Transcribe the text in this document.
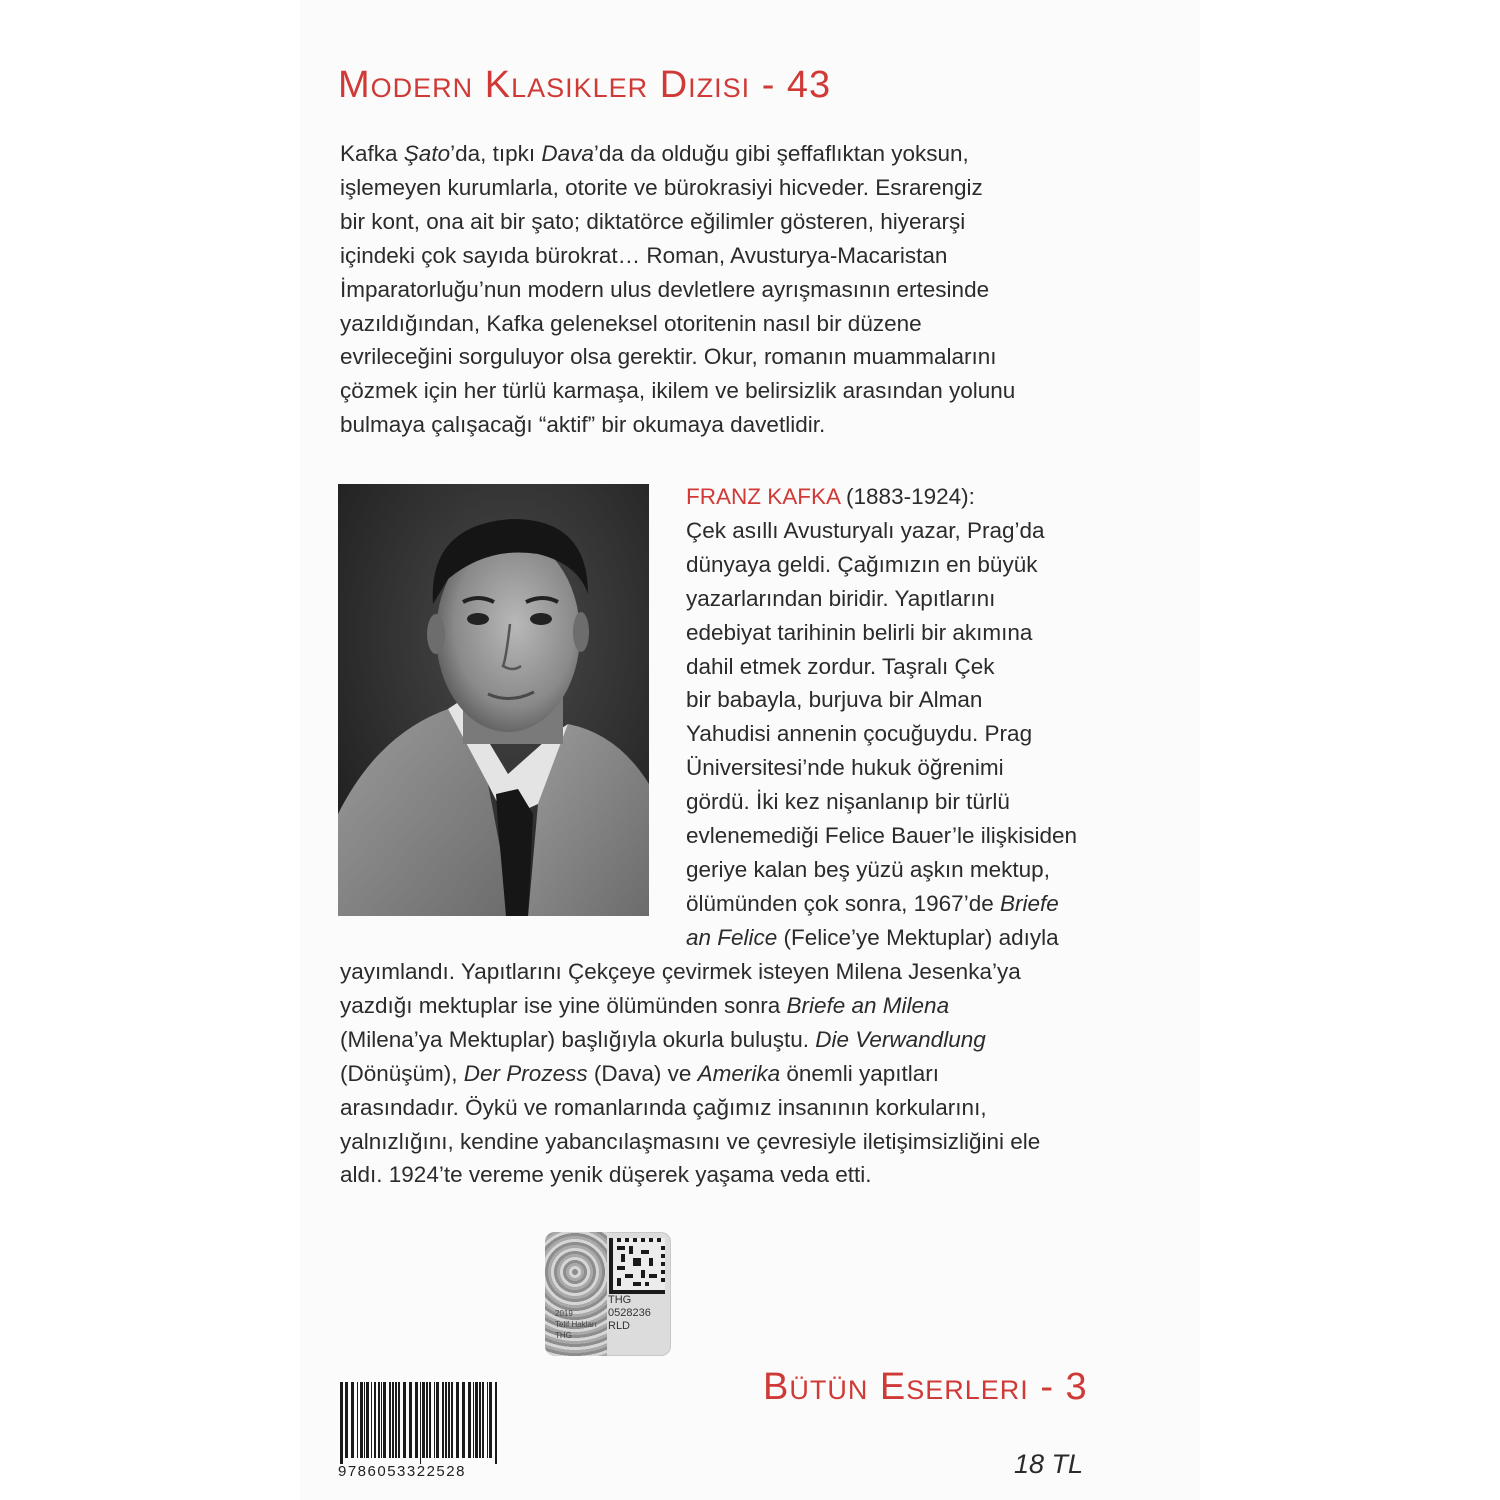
Modern Klasikler Dizisi - 43

Kafka Şato’da, tıpkı Dava’da da olduğu gibi şeffaflıktan yoksun,
işlemeyen kurumlarla, otorite ve bürokrasiyi hicveder. Esrarengiz
bir kont, ona ait bir şato; diktatörce eğilimler gösteren, hiyerarşi
içindeki çok sayıda bürokrat… Roman, Avusturya-Macaristan
İmparatorluğu’nun modern ulus devletlere ayrışmasının ertesinde
yazıldığından, Kafka geleneksel otoritenin nasıl bir düzene
evrileceğini sorguluyor olsa gerektir. Okur, romanın muammalarını
çözmek için her türlü karmaşa, ikilem ve belirsizlik arasından yolunu
bulmaya çalışacağı “aktif” bir okumaya davetlidir.

FRANZ KAFKA (1883-1924):
Çek asıllı Avusturyalı yazar, Prag’da
dünyaya geldi. Çağımızın en büyük
yazarlarından biridir. Yapıtlarını
edebiyat tarihinin belirli bir akımına
dahil etmek zordur. Taşralı Çek
bir babayla, burjuva bir Alman
Yahudisi annenin çocuğuydu. Prag
Üniversitesi’nde hukuk öğrenimi
gördü. İki kez nişanlanıp bir türlü
evlenemediği Felice Bauer’le ilişkisiden
geriye kalan beş yüzü aşkın mektup,
ölümünden çok sonra, 1967’de Briefe
an Felice (Felice’ye Mektuplar) adıyla

yayımlandı. Yapıtlarını Çekçeye çevirmek isteyen Milena Jesenka’ya
yazdığı mektuplar ise yine ölümünden sonra Briefe an Milena
(Milena’ya Mektuplar) başlığıyla okurla buluştu. Die Verwandlung
(Dönüşüm), Der Prozess (Dava) ve Amerika önemli yapıtları
arasındadır. Öykü ve romanlarında çağımız insanının korkularını,
yalnızlığını, kendine yabancılaşmasını ve çevresiyle iletişimsizliğini ele
aldı. 1924’te vereme yenik düşerek yaşama veda etti.

THG
0528236
RLD
2019
Telif Hakları
THG
Bütün Eserleri - 3
9786053322528	18 TL
